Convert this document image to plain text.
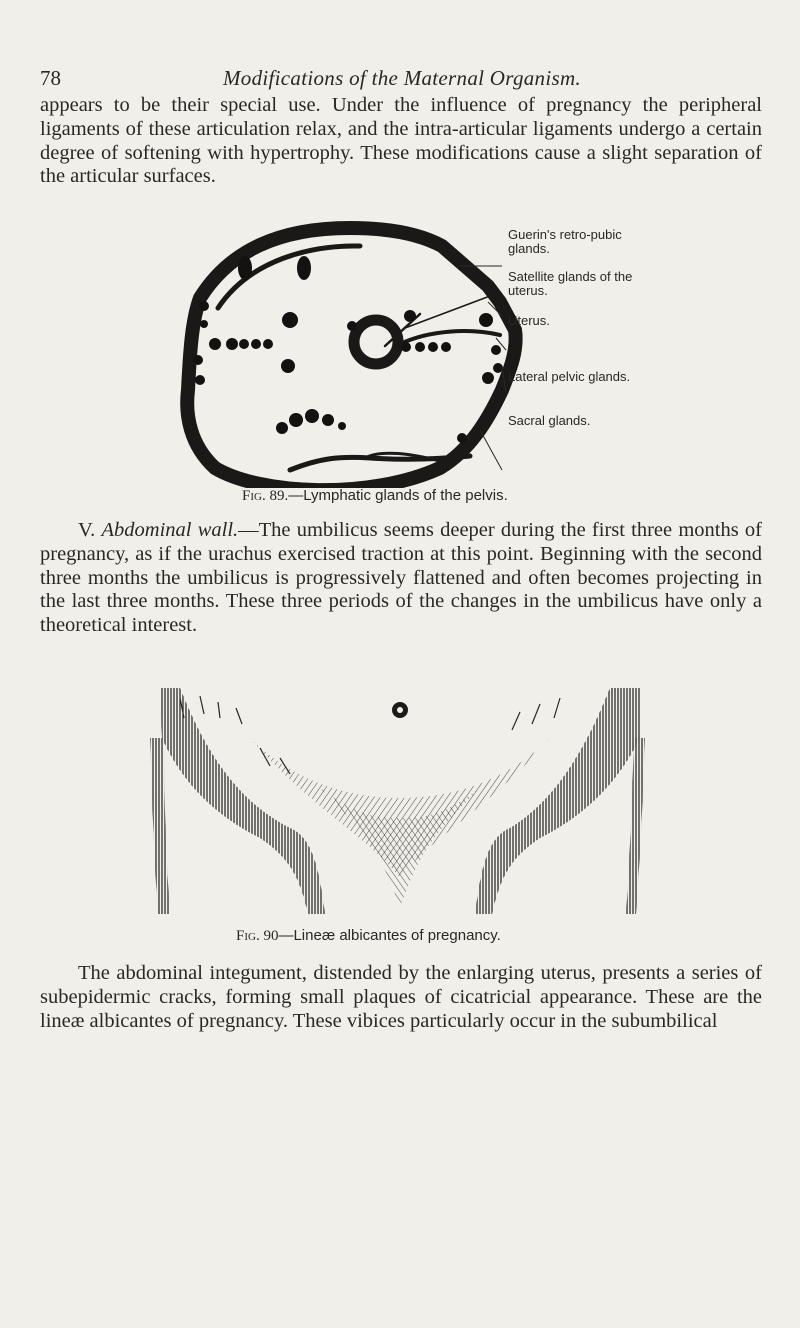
78	Modifications of the Maternal Organism.

appears to be their special use. Under the influence of pregnancy the peripheral ligaments of these articulation relax, and the intra-articular ligaments undergo a certain degree of softening with hypertrophy. These modifications cause a slight separation of the articular surfaces.

Guerin's retro-pubic
glands.
Satellite glands of the
uterus.
Uterus.
Lateral pelvic glands.
Sacral glands.
Fig. 89.—Lymphatic glands of the pelvis.

V. Abdominal wall.—The umbilicus seems deeper during the first three months of pregnancy, as if the urachus exercised traction at this point. Beginning with the second three months the umbilicus is progressively flattened and often becomes projecting in the last three months. These three periods of the changes in the umbilicus have only a theoretical interest.

Fig. 90—Lineæ albicantes of pregnancy.

The abdominal integument, distended by the enlarging uterus, presents a series of subepidermic cracks, forming small plaques of cicatricial appearance. These are the lineæ albicantes of pregnancy. These vibices particularly occur in the subumbilical
